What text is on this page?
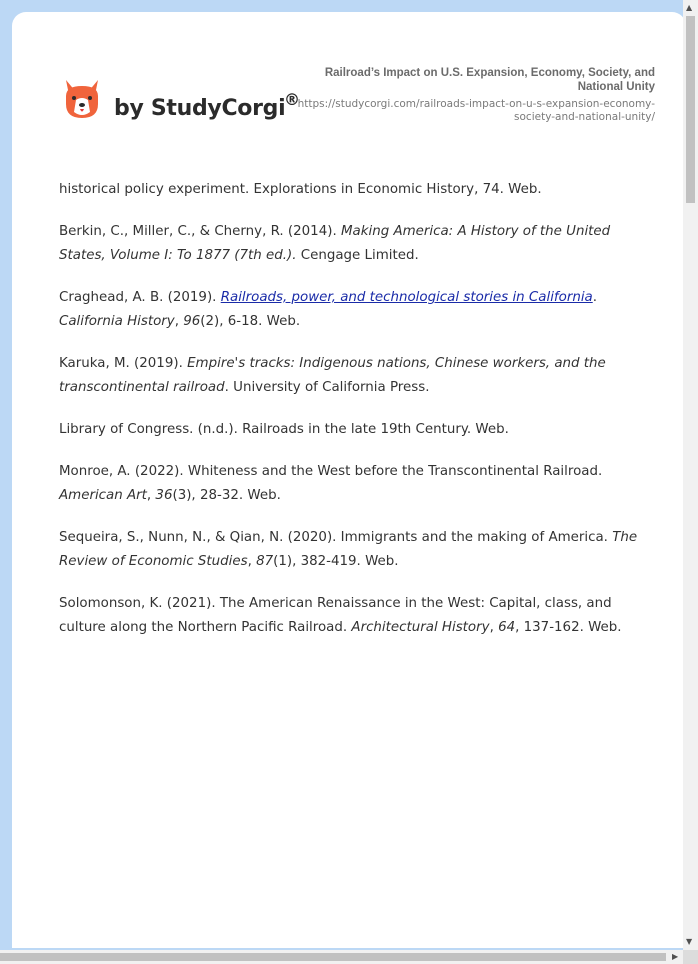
by StudyCorgi
®
Railroad’s Impact on U.S. Expansion, Economy, Society, and National Unity
https://studycorgi.com/railroads-impact-on-u-s-expansion-economy-society-and-national-unity/

historical policy experiment. Explorations in Economic History, 74. Web.

Berkin, C., Miller, C., & Cherny, R. (2014). Making America: A History of the United States, Volume I: To 1877 (7th ed.). Cengage Limited.

Craghead, A. B. (2019). Railroads, power, and technological stories in California. California History, 96(2), 6-18. Web.

Karuka, M. (2019). Empire's tracks: Indigenous nations, Chinese workers, and the transcontinental railroad. University of California Press.

Library of Congress. (n.d.). Railroads in the late 19th Century. Web.

Monroe, A. (2022). Whiteness and the West before the Transcontinental Railroad. American Art, 36(3), 28-32. Web.

Sequeira, S., Nunn, N., & Qian, N. (2020). Immigrants and the making of America. The Review of Economic Studies, 87(1), 382-419. Web.

Solomonson, K. (2021). The American Renaissance in the West: Capital, class, and culture along the Northern Pacific Railroad. Architectural History, 64, 137-162. Web.

▲
▼
▶
